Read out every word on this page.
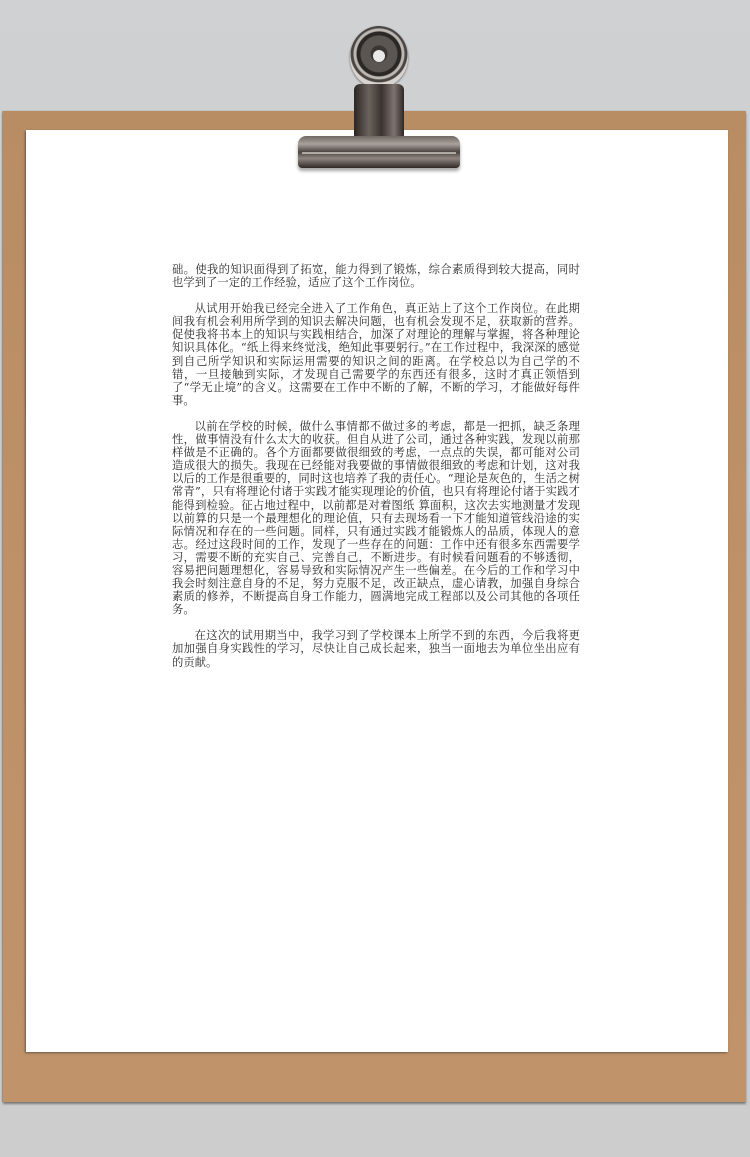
础。使我的知识面得到了拓宽，能力得到了锻炼，综合素质得到较大提高，同时也学到了一定的工作经验，适应了这个工作岗位。

从试用开始我已经完全进入了工作角色，真正站上了这个工作岗位。在此期间我有机会利用所学到的知识去解决问题，也有机会发现不足，获取新的营养。促使我将书本上的知识与实践相结合，加深了对理论的理解与掌握，将各种理论知识具体化。“纸上得来终觉浅，绝知此事要躬行。”在工作过程中，我深深的感觉到自己所学知识和实际运用需要的知识之间的距离。在学校总以为自己学的不错，一旦接触到实际，才发现自己需要学的东西还有很多，这时才真正领悟到了“学无止境”的含义。这需要在工作中不断的了解，不断的学习，才能做好每件事。

以前在学校的时候，做什么事情都不做过多的考虑，都是一把抓，缺乏条理性，做事情没有什么太大的收获。但自从进了公司，通过各种实践，发现以前那样做是不正确的。各个方面都要做很细致的考虑，一点点的失误，都可能对公司造成很大的损失。我现在已经能对我要做的事情做很细致的考虑和计划，这对我以后的工作是很重要的，同时这也培养了我的责任心。“理论是灰色的，生活之树常青”，只有将理论付诸于实践才能实现理论的价值，也只有将理论付诸于实践才能得到检验。征占地过程中，以前都是对着图纸 算面积，这次去实地测量才发现以前算的只是一个最理想化的理论值，只有去现场看一下才能知道管线沿途的实际情况和存在的一些问题。同样，只有通过实践才能锻炼人的品质，体现人的意志。经过这段时间的工作，发现了一些存在的问题：工作中还有很多东西需要学习，需要不断的充实自己、完善自己，不断进步。有时候看问题看的不够透彻，容易把问题理想化，容易导致和实际情况产生一些偏差。在今后的工作和学习中我会时刻注意自身的不足，努力克服不足，改正缺点，虚心请教，加强自身综合素质的修养，不断提高自身工作能力，圆满地完成工程部以及公司其他的各项任务。

在这次的试用期当中，我学习到了学校课本上所学不到的东西，今后我将更加加强自身实践性的学习，尽快让自己成长起来，独当一面地去为单位坐出应有的贡献。
